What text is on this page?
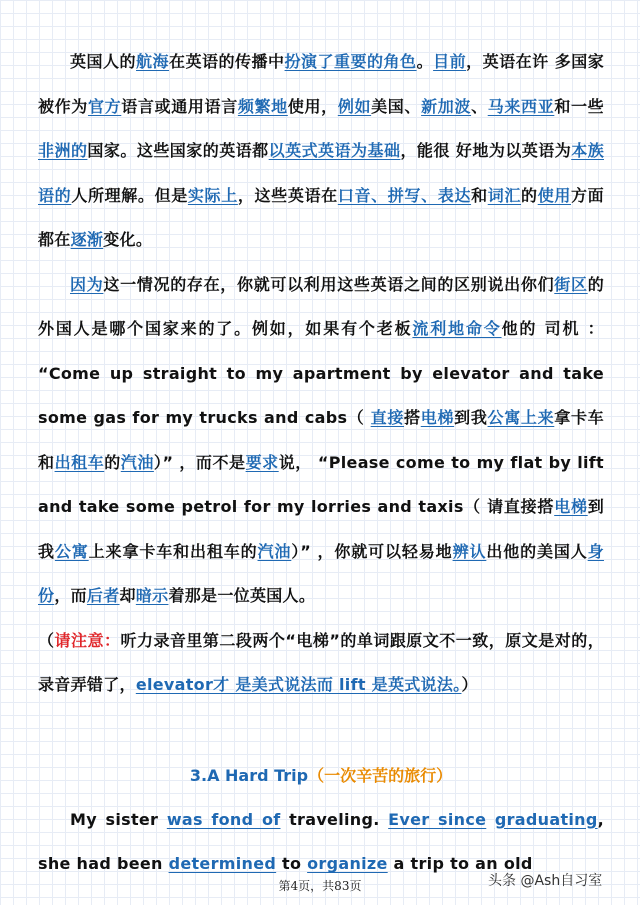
英国人的航海在英语的传播中扮演了重要的角色。目前，英语在许 多国家被作为官方语言或通用语言频繁地使用，例如美国、新加波、马来西亚和一些非洲的国家。这些国家的英语都以英式英语为基础，能很 好地为以英语为本族语的人所理解。但是实际上，这些英语在口音、拼写、表达和词汇的使用方面都在逐渐变化。

因为这一情况的存在，你就可以利用这些英语之间的区别说出你们街区的外国人是哪个国家来的了。例如，如果有个老板流利地命令他的 司机 ： “Come up straight to my apartment by elevator and take some gas for my trucks and cabs（ 直接搭电梯到我公寓上来拿卡车和出租车的汽油）” ，而不是要求说， “Please come to my flat by lift and take some petrol for my lorries and taxis（ 请直接搭电梯到我公寓上来拿卡车和出租车的汽油）” ，你就可以轻易地辨认出他的美国人身份，而后者却暗示着那是一位英国人。

（请注意：听力录音里第二段两个“电梯”的单词跟原文不一致，原文是对的，录音弄错了，elevator才 是美式说法而 lift 是英式说法。）

3.A Hard Trip（一次辛苦的旅行）

My sister was fond of traveling. Ever since graduating, she had been determined to organize a trip to an old

第4页，共83页	头条 @Ash自习室
